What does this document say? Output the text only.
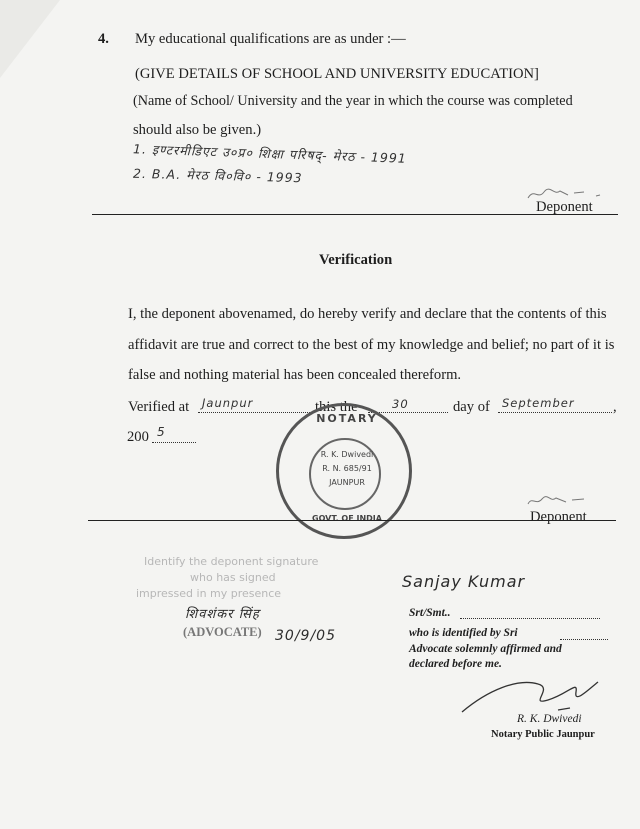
4. My educational qualifications are as under :—
(GIVE DETAILS OF SCHOOL AND UNIVERSITY EDUCATION]
(Name of School/ University and the year in which the course was completed
should also be given.)
1. इण्टरमीडिएट उ०प्र० शिक्षा परिषद्- मेरठ - 1991
2. B.A. मेरठ वि०वि० - 1993
Deponent
Verification
I, the deponent abovenamed, do hereby verify and declare that the contents of this
affidavit are true and correct to the best of my knowledge and belief; no part of it is
false and nothing material has been concealed thereform.
Verified at Jaunpur	this the	30	day of September	,
200 5
NOTARY
R. K. Dwivedi
R. N. 685/91
JAUNPUR
GOVT. OF INDIA	Deponent
Identify the deponent signature
who has signed
impressed in my presence
शिवशंकर सिंह
(ADVOCATE) 30/9/05
Sanjay Kumar
Srt/Smt..
who is identified by Sri
Advocate solemnly affirmed and
declared before me.
R. K. Dwivedi
Notary Public Jaunpur
